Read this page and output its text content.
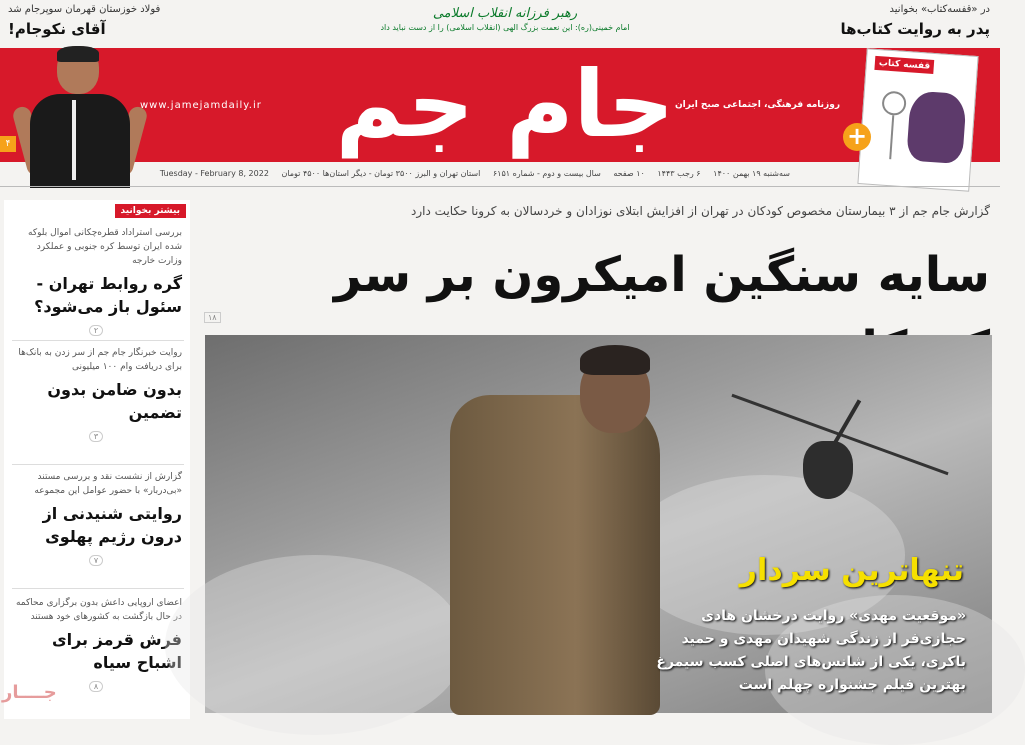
در «قفسه‌کتاب» بخوانید
پدر به روایت کتاب‌ها
فولاد خوزستان قهرمان سوپرجام شد
آقای نکوجام!
رهبر فرزانه انقلاب اسلامی
امام خمینی(ره): این نعمت بزرگ الهی (انقلاب اسلامی) را از دست نباید داد
۴	جام جم
www.jamejamdaily.ir	روزنامه فرهنگی، اجتماعی صبح ایران
قفسه کتاب
+
سه‌شنبه ۱۹ بهمن ۱۴۰۰ ۶ رجب ۱۴۴۳ ۱۰ صفحه سال بیست و دوم - شماره ۶۱۵۱ استان تهران و البرز ۳۵۰۰ تومان - دیگر استان‌ها ۴۵۰۰ تومان Tuesday - February 8, 2022
بیشتر بخوانید
بررسی استراداد قطره‌چکانی اموال بلوکه شده ایران توسط کره جنوبی و عملکرد وزارت خارجه
گره روابط تهران - سئول باز می‌شود؟
۲
روایت خبرنگار جام جم از سر زدن به بانک‌ها برای دریافت وام ۱۰۰ میلیونی
بدون ضامن بدون تضمین
۳
گزارش از نشست نقد و بررسی مستند «بی‌دربار» با حضور عوامل این مجموعه
روایتی شنیدنی از درون رژیم پهلوی
۷
اعضای اروپایی داعش بدون برگزاری محاکمه در حال بازگشت به کشورهای خود هستند
فرش قرمز برای اشباح سیاه
۸
گزارش جام جم از ۳ بیمارستان مخصوص کودکان در تهران از افزایش ابتلای نوزادان و خردسالان به کرونا حکایت دارد
سایه سنگین امیکرون بر سر
۱۸
تنهاترین سردار
«موقعیت مهدی» روایت درخشان هادی حجازی‌فر از زندگی شهیدان مهدی و حمید باکری، یکی از شانس‌های اصلی کسب سیمرغ بهترین فیلم جشنواره چهلم است
جــــار
